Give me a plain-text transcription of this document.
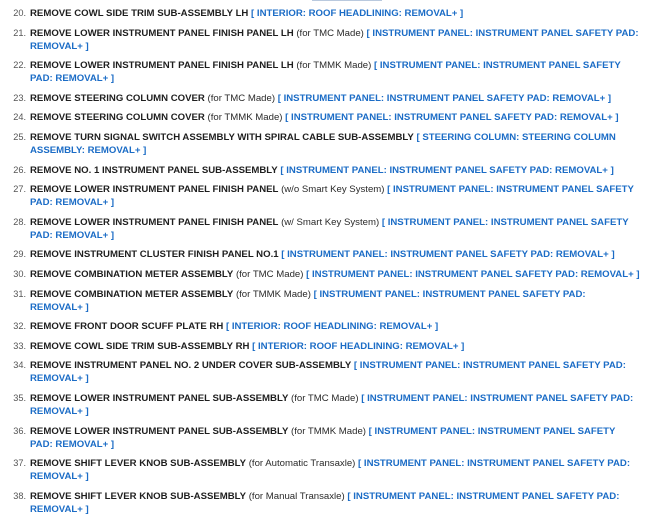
20. REMOVE COWL SIDE TRIM SUB-ASSEMBLY LH [ INTERIOR: ROOF HEADLINING: REMOVAL+ ]
21. REMOVE LOWER INSTRUMENT PANEL FINISH PANEL LH (for TMC Made) [ INSTRUMENT PANEL: INSTRUMENT PANEL SAFETY PAD: REMOVAL+ ]
22. REMOVE LOWER INSTRUMENT PANEL FINISH PANEL LH (for TMMK Made) [ INSTRUMENT PANEL: INSTRUMENT PANEL SAFETY PAD: REMOVAL+ ]
23. REMOVE STEERING COLUMN COVER (for TMC Made) [ INSTRUMENT PANEL: INSTRUMENT PANEL SAFETY PAD: REMOVAL+ ]
24. REMOVE STEERING COLUMN COVER (for TMMK Made) [ INSTRUMENT PANEL: INSTRUMENT PANEL SAFETY PAD: REMOVAL+ ]
25. REMOVE TURN SIGNAL SWITCH ASSEMBLY WITH SPIRAL CABLE SUB-ASSEMBLY [ STEERING COLUMN: STEERING COLUMN ASSEMBLY: REMOVAL+ ]
26. REMOVE NO. 1 INSTRUMENT PANEL SUB-ASSEMBLY [ INSTRUMENT PANEL: INSTRUMENT PANEL SAFETY PAD: REMOVAL+ ]
27. REMOVE LOWER INSTRUMENT PANEL FINISH PANEL (w/o Smart Key System) [ INSTRUMENT PANEL: INSTRUMENT PANEL SAFETY PAD: REMOVAL+ ]
28. REMOVE LOWER INSTRUMENT PANEL FINISH PANEL (w/ Smart Key System) [ INSTRUMENT PANEL: INSTRUMENT PANEL SAFETY PAD: REMOVAL+ ]
29. REMOVE INSTRUMENT CLUSTER FINISH PANEL NO.1 [ INSTRUMENT PANEL: INSTRUMENT PANEL SAFETY PAD: REMOVAL+ ]
30. REMOVE COMBINATION METER ASSEMBLY (for TMC Made) [ INSTRUMENT PANEL: INSTRUMENT PANEL SAFETY PAD: REMOVAL+ ]
31. REMOVE COMBINATION METER ASSEMBLY (for TMMK Made) [ INSTRUMENT PANEL: INSTRUMENT PANEL SAFETY PAD: REMOVAL+ ]
32. REMOVE FRONT DOOR SCUFF PLATE RH [ INTERIOR: ROOF HEADLINING: REMOVAL+ ]
33. REMOVE COWL SIDE TRIM SUB-ASSEMBLY RH [ INTERIOR: ROOF HEADLINING: REMOVAL+ ]
34. REMOVE INSTRUMENT PANEL NO. 2 UNDER COVER SUB-ASSEMBLY [ INSTRUMENT PANEL: INSTRUMENT PANEL SAFETY PAD: REMOVAL+ ]
35. REMOVE LOWER INSTRUMENT PANEL SUB-ASSEMBLY (for TMC Made) [ INSTRUMENT PANEL: INSTRUMENT PANEL SAFETY PAD: REMOVAL+ ]
36. REMOVE LOWER INSTRUMENT PANEL SUB-ASSEMBLY (for TMMK Made) [ INSTRUMENT PANEL: INSTRUMENT PANEL SAFETY PAD: REMOVAL+ ]
37. REMOVE SHIFT LEVER KNOB SUB-ASSEMBLY (for Automatic Transaxle) [ INSTRUMENT PANEL: INSTRUMENT PANEL SAFETY PAD: REMOVAL+ ]
38. REMOVE SHIFT LEVER KNOB SUB-ASSEMBLY (for Manual Transaxle) [ INSTRUMENT PANEL: INSTRUMENT PANEL SAFETY PAD: REMOVAL+ ]
